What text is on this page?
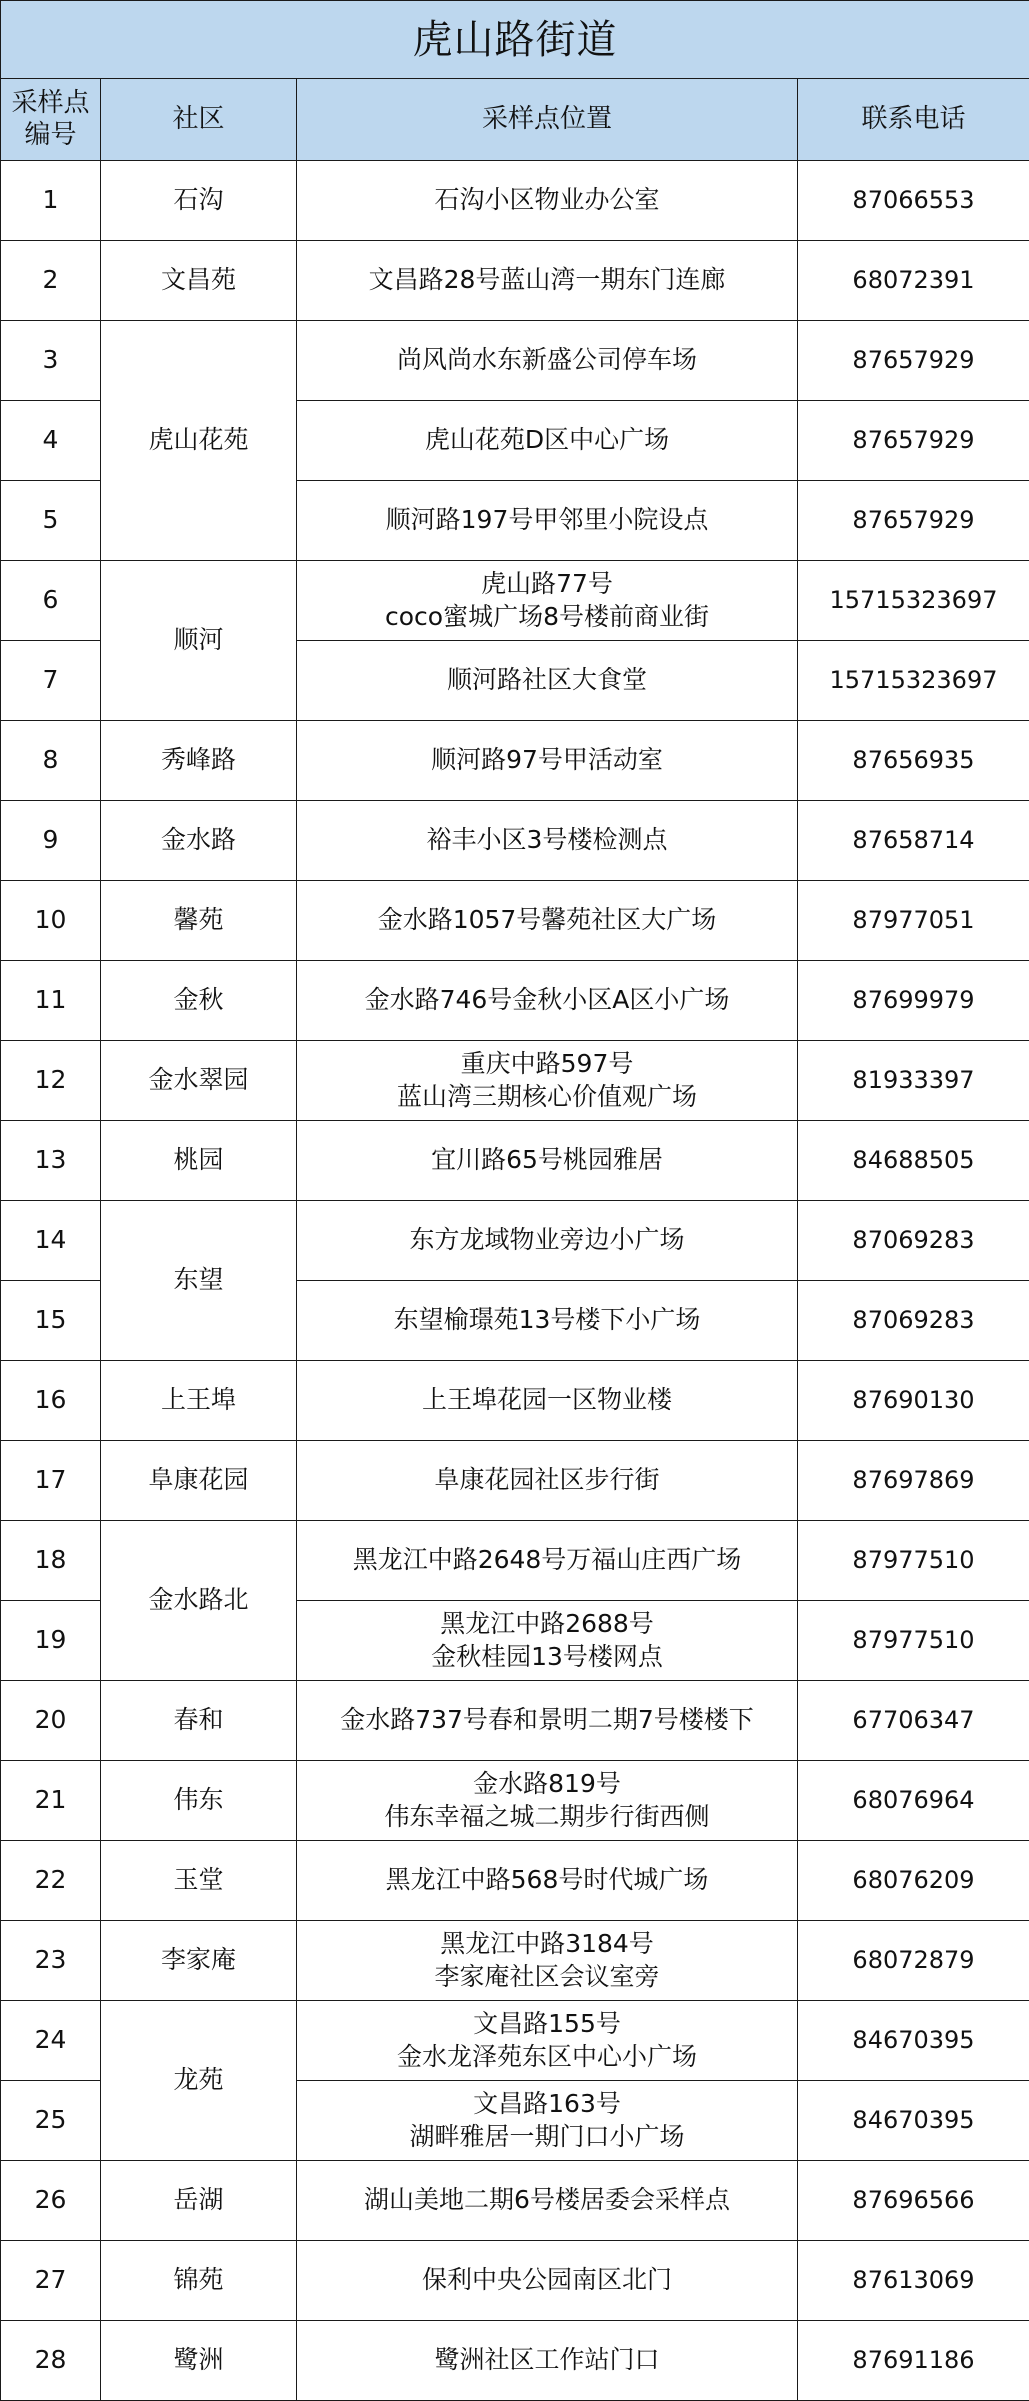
虎山路街道			

采样点
编号	社区	采样点位置	联系电话
1	石沟	石沟小区物业办公室	87066553
2	文昌苑	文昌路28号蓝山湾一期东门连廊	68072391
3	虎山花苑	尚风尚水东新盛公司停车场	87657929
4		虎山花苑D区中心广场	87657929
5		顺河路197号甲邻里小院设点	87657929
6	顺河	虎山路77号
coco蜜城广场8号楼前商业街	15715323697
7		顺河路社区大食堂	15715323697
8	秀峰路	顺河路97号甲活动室	87656935
9	金水路	裕丰小区3号楼检测点	87658714
10	馨苑	金水路1057号馨苑社区大广场	87977051
11	金秋	金水路746号金秋小区A区小广场	87699979
12	金水翠园	重庆中路597号
蓝山湾三期核心价值观广场	81933397
13	桃园	宜川路65号桃园雅居	84688505
14	东望	东方龙域物业旁边小广场	87069283
15		东望榆璟苑13号楼下小广场	87069283
16	上王埠	上王埠花园一区物业楼	87690130
17	阜康花园	阜康花园社区步行街	87697869
18	金水路北	黑龙江中路2648号万福山庄西广场	87977510
19		黑龙江中路2688号
金秋桂园13号楼网点	87977510
20	春和	金水路737号春和景明二期7号楼楼下	67706347
21	伟东	金水路819号
伟东幸福之城二期步行街西侧	68076964
22	玉堂	黑龙江中路568号时代城广场	68076209
23	李家庵	黑龙江中路3184号
李家庵社区会议室旁	68072879
24	龙苑	文昌路155号
金水龙泽苑东区中心小广场	84670395
25		文昌路163号
湖畔雅居一期门口小广场	84670395
26	岳湖	湖山美地二期6号楼居委会采样点	87696566
27	锦苑	保利中央公园南区北门	87613069
28	鹭洲	鹭洲社区工作站门口	87691186
